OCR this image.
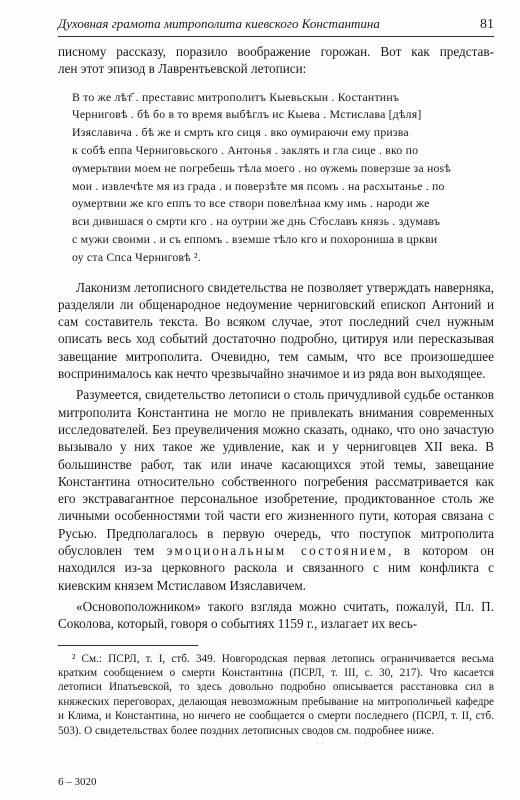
Духовная грамота митрополита киевского Константина	81

писному рассказу, поразило воображение горожан. Вот как представ-
лен этот эпизод в Лаврентьевской летописи:

В то же лѣт҃ . преставис митрополитъ Кыевьскыи . Костантинъ
Черниговѣ . бѣ бо в то время выбѣглъ ис Кыева . Мстислава [дѣля]
Изяславича . бѣ же и смрть кго сиця . вко ѹмираючи ему призва
к собѣ еппа Черниговьского . Антонья . заклять и гла сице . вко по
ѹмерьтвии моем не погребешь тѣла моего . но ѹжемь поверзше за ноѕѣ
мои . извлечѣте мя из града . и поверзѣте мя псомъ . на расхытанье . по
оумертвии же кго еппъ то все створи повелѣнаа кму имь . народи же
вси дивишася о смрти кго . на оутрии же днь Ст҃ославъ князь . здумавъ
с мужи своими . и съ еппомъ . вземше тѣло кго и похорониша в цркви
оу ста Спса Черниговѣ ².

Лаконизм летописного свидетельства не позволяет утверждать наверняка, разделяли ли общенародное недоумение черниговский епископ Антоний и сам составитель текста. Во всяком случае, этот последний счел нужным описать весь ход событий достаточно подробно, цитируя или пересказывая завещание митрополита. Очевидно, тем самым, что все произошедшее воспринималось как нечто чрезвычайно значимое и из ряда вон выходящее.

Разумеется, свидетельство летописи о столь причудливой судьбе останков митрополита Константина не могло не привлекать внимания современных исследователей. Без преувеличения можно сказать, однако, что оно зачастую вызывало у них такое же удивление, как и у черниговцев XII века. В большинстве работ, так или иначе касающихся этой темы, завещание Константина относительно собственного погребения рассматривается как его экстравагантное персональное изобретение, продиктованное столь же личными особенностями той части его жизненного пути, которая связана с Русью. Предполагалось в первую очередь, что поступок митрополита обусловлен тем эмоциональным состоянием, в котором он находился из-за церковного раскола и связанного с ним конфликта с киевским князем Мстиславом Изяславичем.

«Основоположником» такого взгляда можно считать, пожалуй, Пл. П. Соколова, который, говоря о событиях 1159 г., излагает их весь-

² См.: ПСРЛ, т. I, стб. 349. Новгородская первая летопись ограничивается весьма кратким сообщением о смерти Константина (ПСРЛ, т. III, с. 30, 217). Что касается летописи Ипатьевской, то здесь довольно подробно описывается расстановка сил в княжеских переговорах, делающая невозможным пребывание на митрополичьей кафедре и Клима, и Константина, но ничего не сообщается о смерти последнего (ПСРЛ, т. II, стб. 503). О свидетельствах более поздних летописных сводов см. подробнее ниже.

6 – 3020
